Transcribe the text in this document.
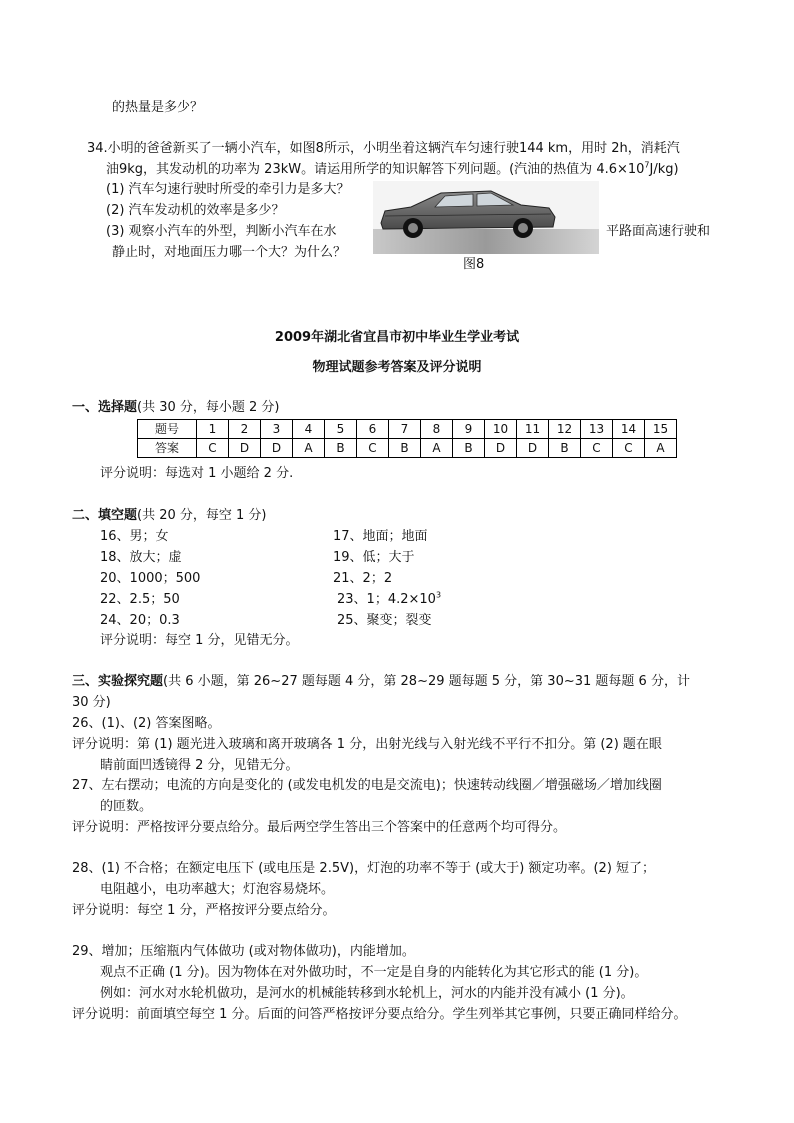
的热量是多少？
34.小明的爸爸新买了一辆小汽车，如图8所示，小明坐着这辆汽车匀速行驶144 km，用时 2h，消耗汽
油9kg，其发动机的功率为 23kW。请运用所学的知识解答下列问题。(汽油的热值为 $4.6\times 10^7J/kg$)
(1) 汽车匀速行驶时所受的牵引力是多大？
(2) 汽车发动机的效率是多少？
(3) 观察小汽车的外型，判断小汽车在水	平路面高速行驶和
静止时，对地面压力哪一个大？为什么？
图8
2009年湖北省宜昌市初中毕业生学业考试
物理试题参考答案及评分说明
一、选择题(共 30 分，每小题 2 分)
题号	1	2	3	4	5	6	7	8	9	10	11	12	13	14	15
答案	C	D	D	A	B	C	B	A	B	D	D	B	C	C	A
评分说明：每选对 1 小题给 2 分.
二、填空题(共 20 分，每空 1 分)
16、男；女	17、地面；地面
18、放大；虚	19、低；大于
20、1000；500	21、2；2
22、2.5；50	23、1；$4.2\times 10^3$
24、20；0.3	25、聚变；裂变
评分说明：每空 1 分，见错无分。
三、实验探究题(共 6 小题，第 26~27 题每题 4 分，第 28~29 题每题 5 分，第 30~31 题每题 6 分，计
30 分)
26、(1)、(2) 答案图略。
评分说明：第 (1) 题光进入玻璃和离开玻璃各 1 分，出射光线与入射光线不平行不扣分。第 (2) 题在眼
睛前面凹透镜得 2 分，见错无分。
27、左右摆动；电流的方向是变化的 (或发电机发的电是交流电)；快速转动线圈／增强磁场／增加线圈
的匝数。
评分说明：严格按评分要点给分。最后两空学生答出三个答案中的任意两个均可得分。
28、(1) 不合格；在额定电压下 (或电压是 2.5V)，灯泡的功率不等于 (或大于) 额定功率。(2) 短了；
电阻越小，电功率越大；灯泡容易烧坏。
评分说明：每空 1 分，严格按评分要点给分。
29、增加；压缩瓶内气体做功 (或对物体做功)，内能增加。
观点不正确 (1 分)。因为物体在对外做功时，不一定是自身的内能转化为其它形式的能 (1 分)。
例如：河水对水轮机做功，是河水的机械能转移到水轮机上，河水的内能并没有减小 (1 分)。
评分说明：前面填空每空 1 分。后面的问答严格按评分要点给分。学生列举其它事例，只要正确同样给分。
